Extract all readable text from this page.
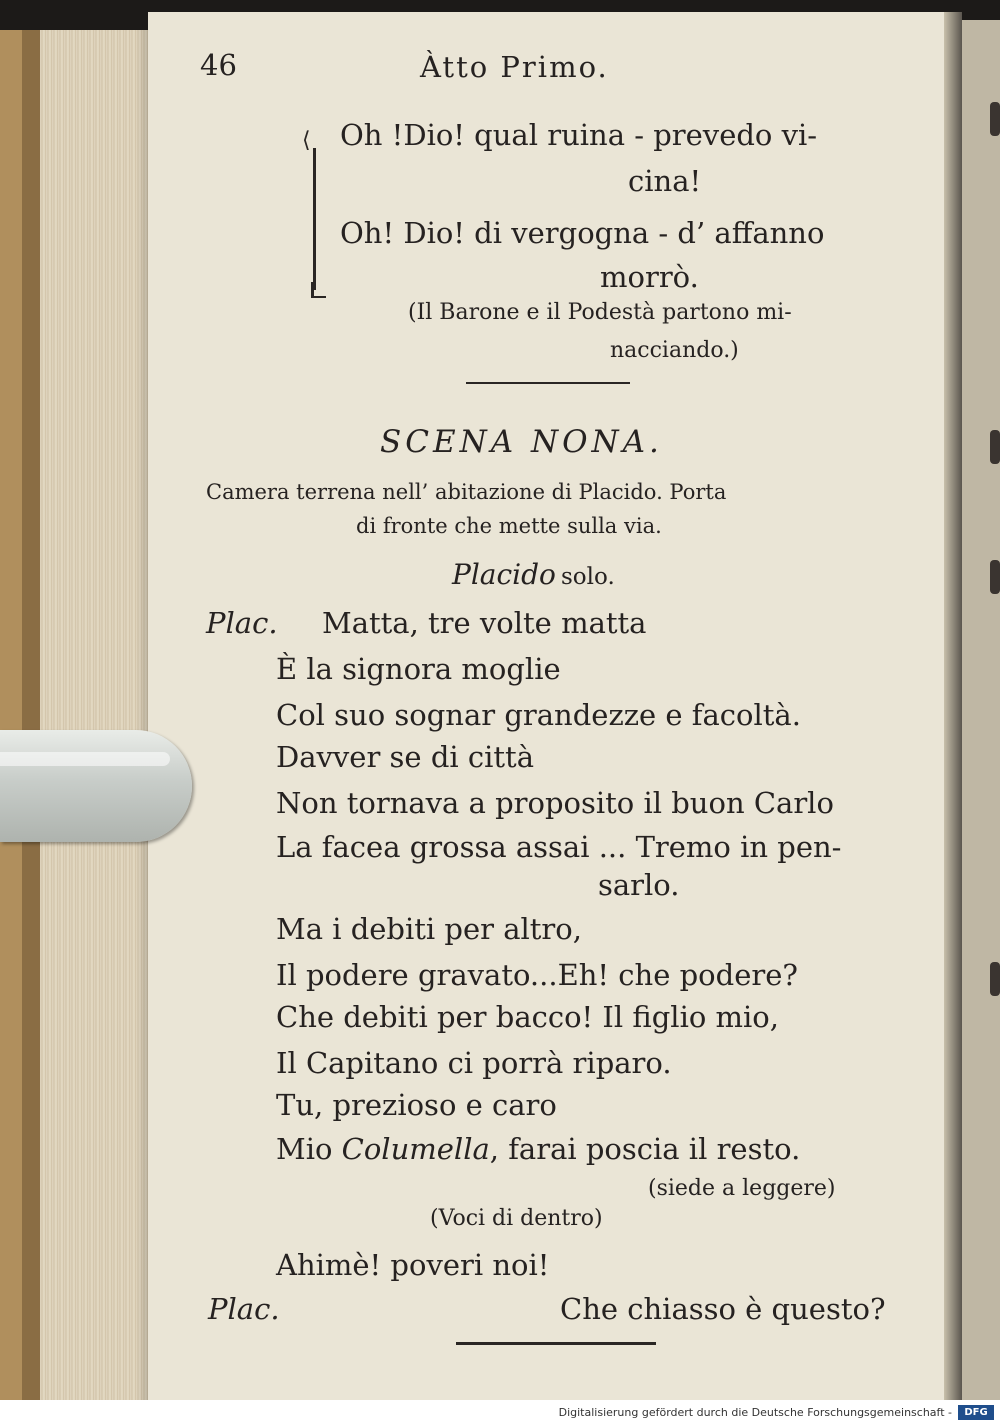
46	Àtto Primo.
⟨	Oh !Dio! qual ruina - prevedo vi-
cina!
Oh! Dio! di vergogna - d’ affanno
morrò.
(Il Barone e il Podestà partono mi-
nacciando.)
SCENA NONA.
Camera terrena nell’ abitazione di Placido. Porta
di fronte che mette sulla via.
Placido solo.
Plac. Matta, tre volte matta
È la signora moglie
Col suo sognar grandezze e facoltà.
Davver se di città
Non tornava a proposito il buon Carlo
La facea grossa assai ... Tremo in pen-
sarlo.
Ma i debiti per altro,
Il podere gravato...Eh! che podere?
Che debiti per bacco! Il figlio mio,
Il Capitano ci porrà riparo.
Tu, prezioso e caro
Mio Columella, farai poscia il resto.
(siede a leggere)
(Voci di dentro)
Ahimè! poveri noi!
Plac.	Che chiasso è questo?
Digitalisierung gefördert durch die Deutsche Forschungsgemeinschaft -	DFG
